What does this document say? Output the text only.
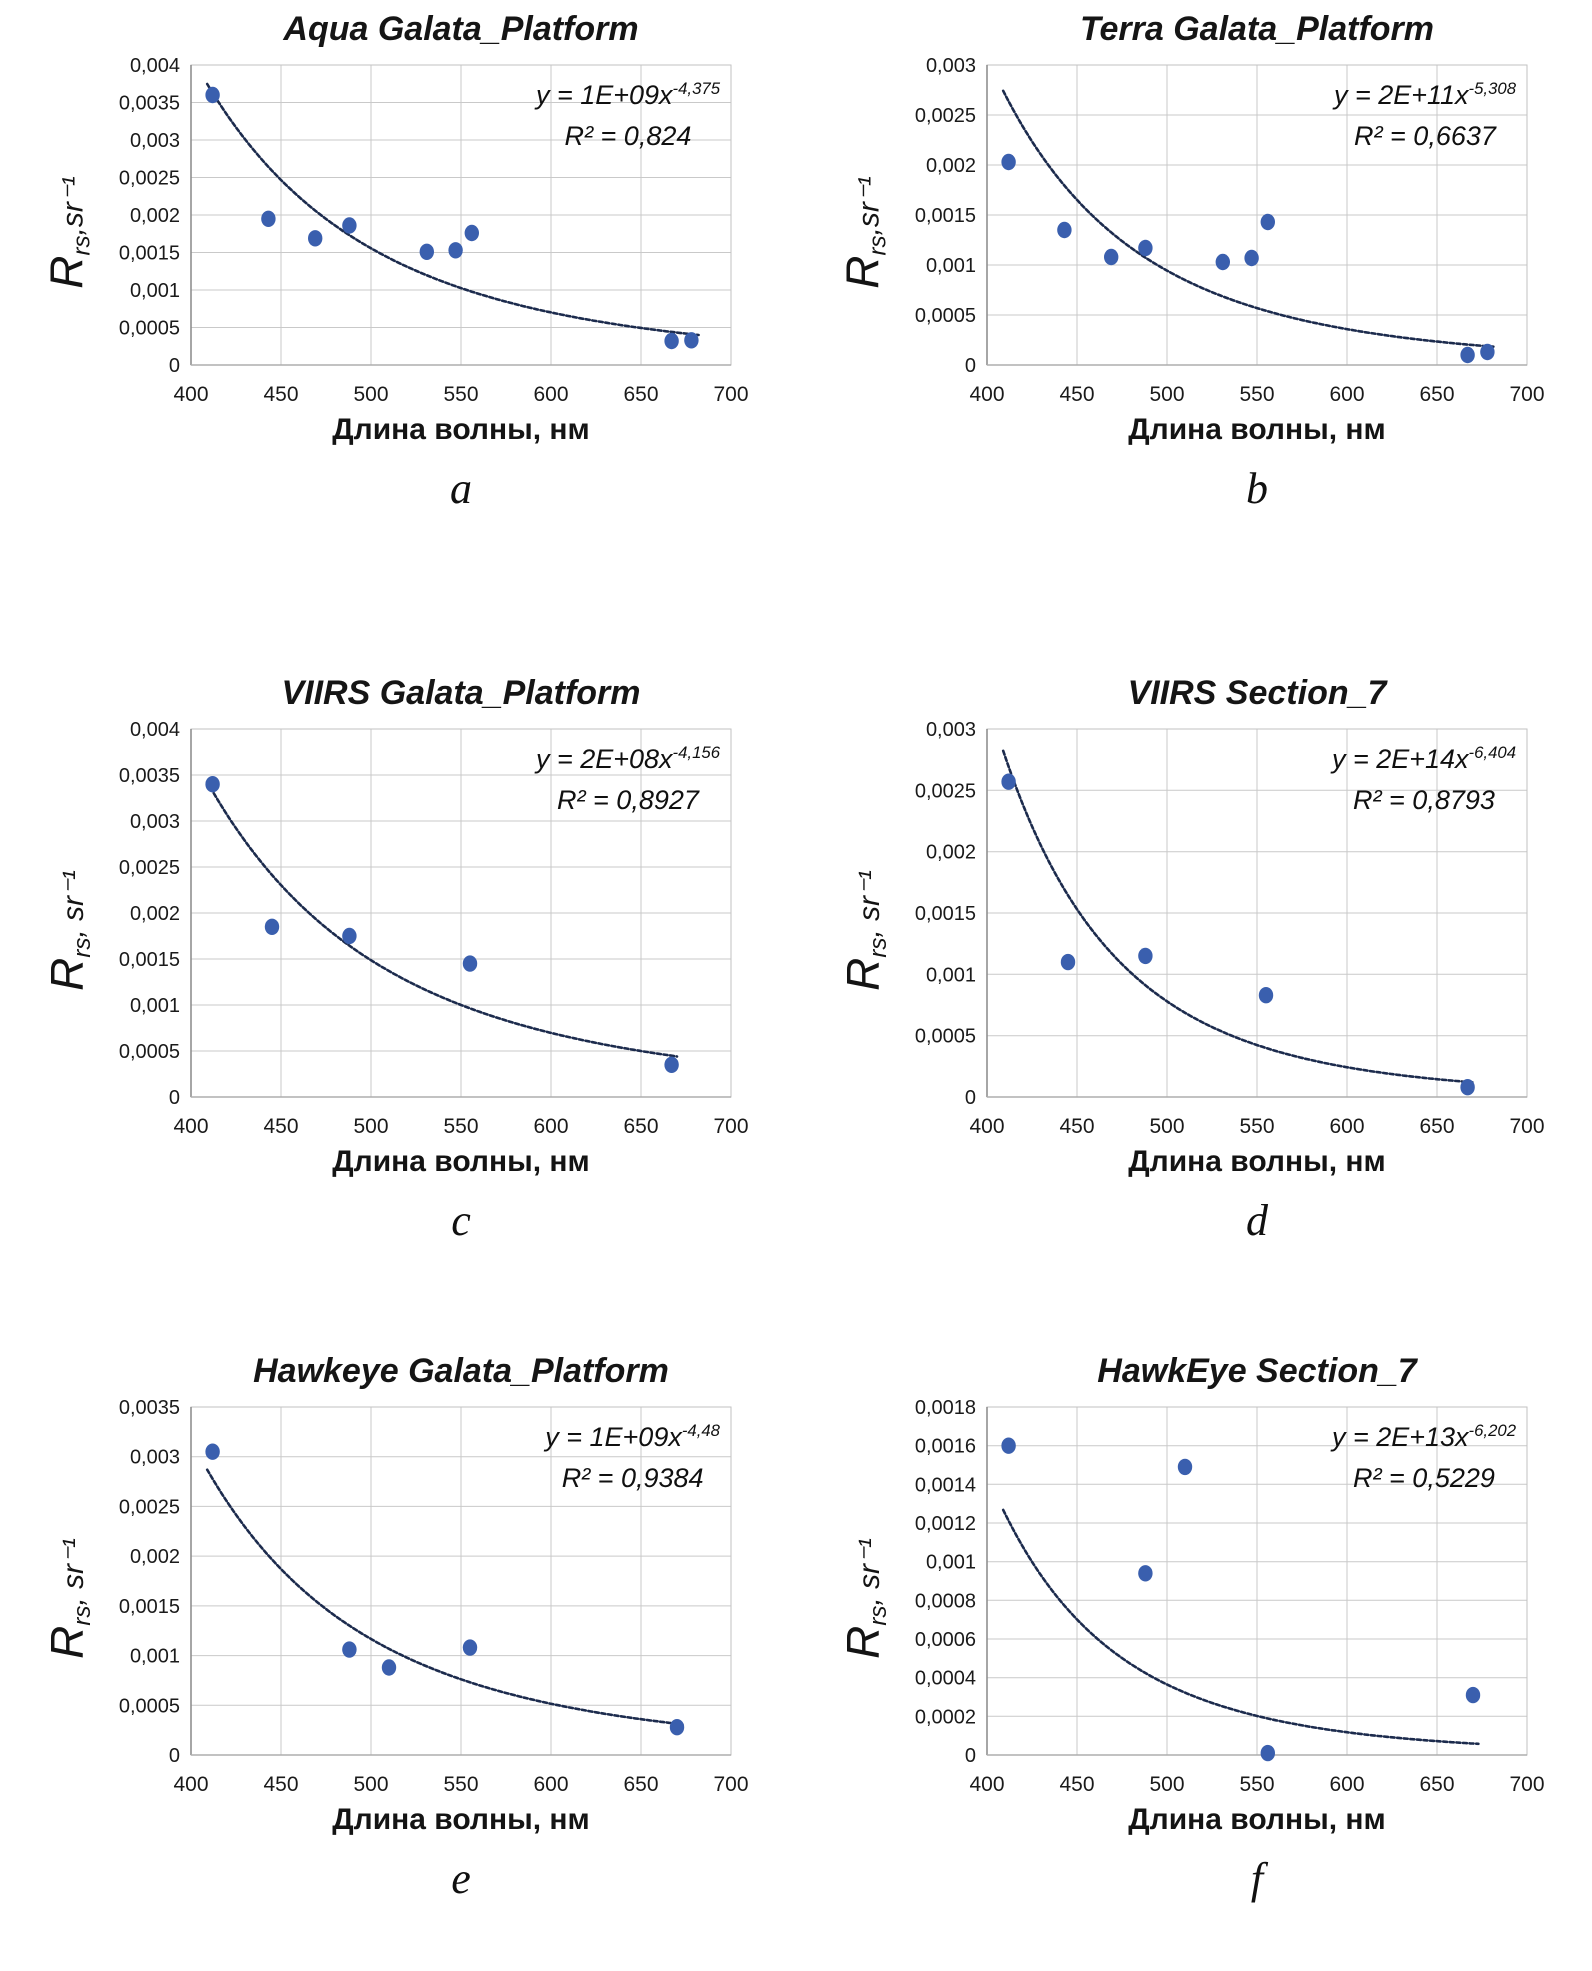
Aqua Galata_Platform
$R_{rs},sr^{-1}$
0
0,0005
0,001
0,0015
0,002
0,0025
0,003
0,0035
0,004
400	450	500	550	600	650	700
$y = 1E+09x^{-4,375}$
R² = 0,824
Длина волны, нм
a
Terra Galata_Platform
$R_{rs},sr^{-1}$
0
0,0005
0,001
0,0015
0,002
0,0025
0,003
400	450	500	550	600	650	700
$y = 2E+11x^{-5,308}$
R² = 0,6637
Длина волны, нм
b
VIIRS Galata_Platform
$R_{rs}$, sr⁻¹
0
0,0005
0,001
0,0015
0,002
0,0025
0,003
0,0035
0,004
400	450	500	550	600	650	700
$y = 2E+08x^{-4,156}$
R² = 0,8927
Длина волны, нм
c
VIIRS Section_7
$R_{rs}$, sr⁻¹
0
0,0005
0,001
0,0015
0,002
0,0025
0,003
400	450	500	550	600	650	700
$y = 2E+14x^{-6,404}$
R² = 0,8793
Длина волны, нм
d
Hawkeye Galata_Platform
$R_{rs}$, sr⁻¹
0
0,0005
0,001
0,0015
0,002
0,0025
0,003
0,0035
400	450	500	550	600	650	700
$y = 1E+09x^{-4,48}$
R² = 0,9384
Длина волны, нм
e
HawkEye Section_7
$R_{rs}$, sr⁻¹
0
0,0002
0,0004
0,0006
0,0008
0,001
0,0012
0,0014
0,0016
0,0018
400	450	500	550	600	650	700
$y = 2E+13x^{-6,202}$
R² = 0,5229
Длина волны, нм
f
